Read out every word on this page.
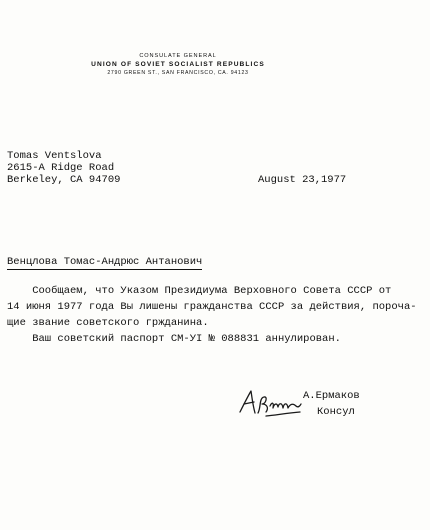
CONSULATE GENERAL
UNION OF SOVIET SOCIALIST REPUBLICS
2790 GREEN ST., SAN FRANCISCO, CA. 94123
Tomas Ventslova
2615-A Ridge Road
Berkeley, CA 94709	August 23,1977
Венцлова Томас-Андрюс Антанович
Сообщаем, что Указом Президиума Верховного Совета СССР от
14 июня 1977 года Вы лишены гражданства СССР за действия, пороча-
щие звание советского гржданина.
Ваш советский паспорт СМ-УI № 088831 аннулирован.
А.Ермаков
Консул
